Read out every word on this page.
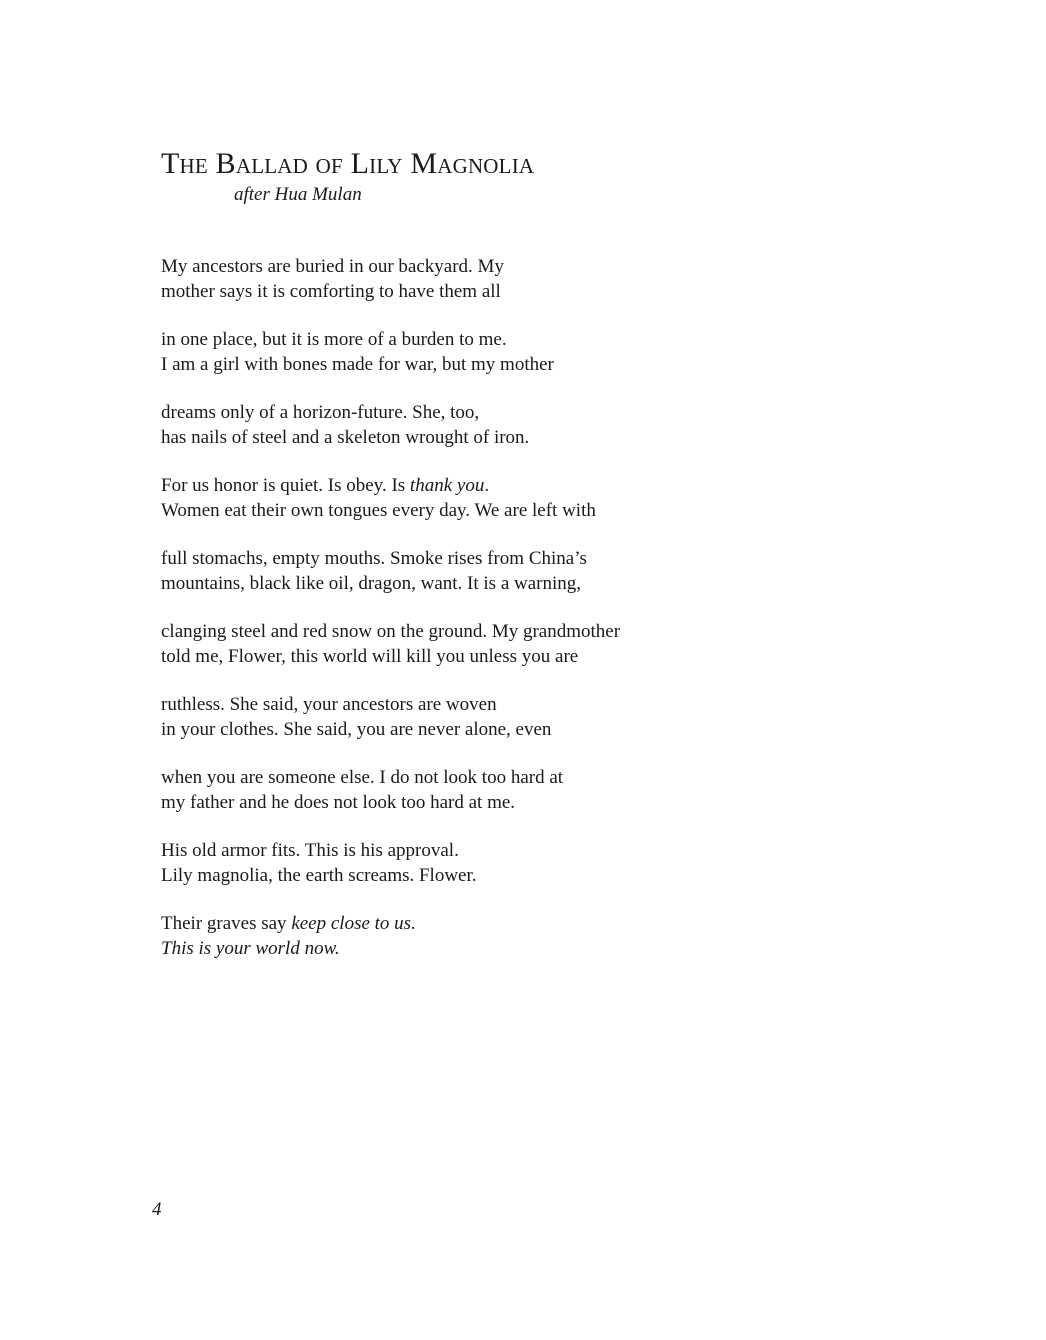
The Ballad of Lily Magnolia
after Hua Mulan

My ancestors are buried in our backyard. My
mother says it is comforting to have them all

in one place, but it is more of a burden to me.
I am a girl with bones made for war, but my mother

dreams only of a horizon-future. She, too,
has nails of steel and a skeleton wrought of iron.

For us honor is quiet. Is obey. Is thank you.
Women eat their own tongues every day. We are left with

full stomachs, empty mouths. Smoke rises from China’s
mountains, black like oil, dragon, want. It is a warning,

clanging steel and red snow on the ground. My grandmother
told me, Flower, this world will kill you unless you are

ruthless. She said, your ancestors are woven
in your clothes. She said, you are never alone, even

when you are someone else. I do not look too hard at
my father and he does not look too hard at me.

His old armor fits. This is his approval.
Lily magnolia, the earth screams. Flower.

Their graves say keep close to us.
This is your world now.

4
